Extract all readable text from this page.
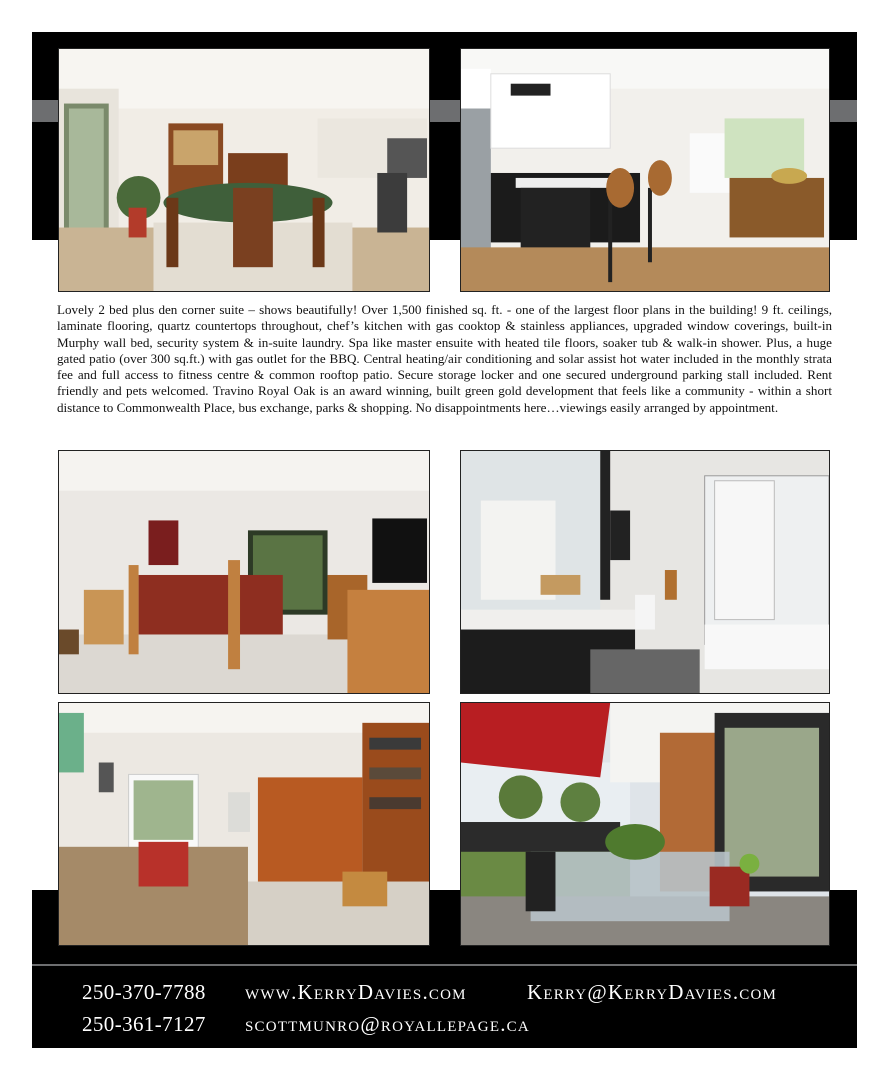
Lovely 2 bed plus den corner suite – shows beautifully! Over 1,500 finished sq. ft. - one of the largest floor plans in the building! 9 ft. ceilings, laminate flooring, quartz countertops throughout, chef’s kitchen with gas cooktop & stainless appliances, upgraded window coverings, built-in Murphy wall bed, security system & in-suite laundry. Spa like master ensuite with heated tile floors, soaker tub & walk-in shower. Plus, a huge gated patio (over 300 sq.ft.) with gas outlet for the BBQ. Central heating/air conditioning and solar assist hot water included in the monthly strata fee and full access to fitness centre & common rooftop patio. Secure storage locker and one secured underground parking stall included. Rent friendly and pets welcomed. Travino Royal Oak is an award winning, built green gold development that feels like a community - within a short distance to Commonwealth Place, bus exchange, parks & shopping. No disappointments here…viewings easily arranged by appointment.

250-370-7788 www.KerryDavies.com	Kerry@KerryDavies.com
250-361-7127 scottmunro@royallepage.ca
